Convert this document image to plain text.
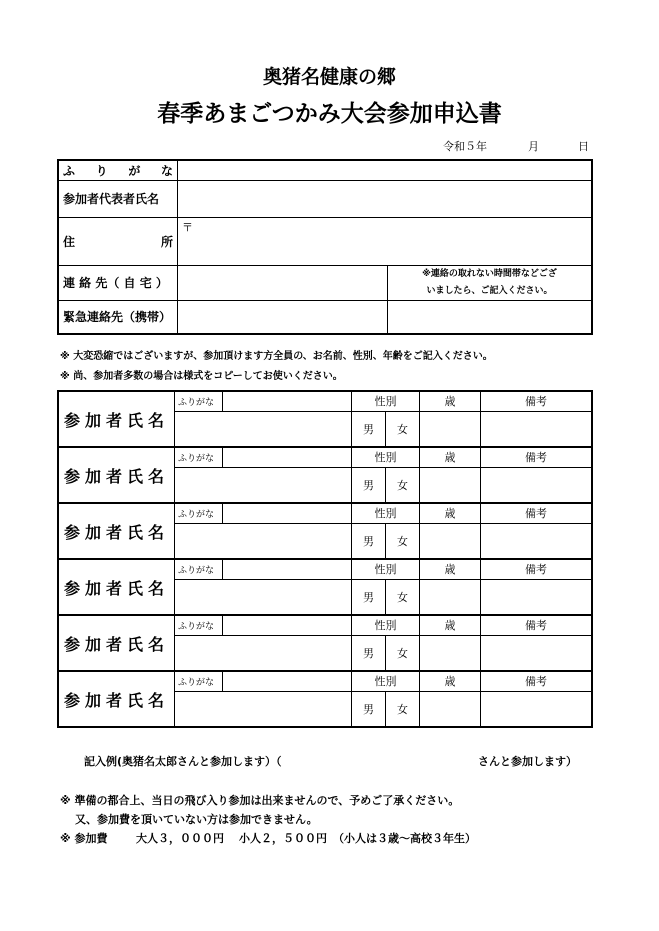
奥猪名健康の郷
春季あまごつかみ大会参加申込書
令和５年	月	日
ふ り が な		

参加者代表者氏名		

住 所	〒	
連 絡 先（ 自 宅 ）		※連絡の取れない時間帯などござ
いましたら、ご記入ください。

緊急連絡先（携帯）		
※ 大変恐縮ではございますが、参加頂けます方全員の、お名前、性別、年齢をご記入ください。
※ 尚、参加者多数の場合は様式をコピーしてお使いください。
参加者氏名	ふりがな		性別		歳	備考
			男	女		
参加者氏名	ふりがな		性別		歳	備考
			男	女		
参加者氏名	ふりがな		性別		歳	備考
			男	女		
参加者氏名	ふりがな		性別		歳	備考
			男	女		
参加者氏名	ふりがな		性別		歳	備考
			男	女		
参加者氏名	ふりがな		性別		歳	備考
			男	女		
記入例(奥猪名太郎さんと参加します）（	さんと参加します）
※ 準備の都合上、当日の飛び入り参加は出来ませんので、予めご了承ください。
又、参加費を頂いていない方は参加できません。
※ 参加費	大人３，０００円 小人２，５００円 （小人は３歳～高校３年生）
